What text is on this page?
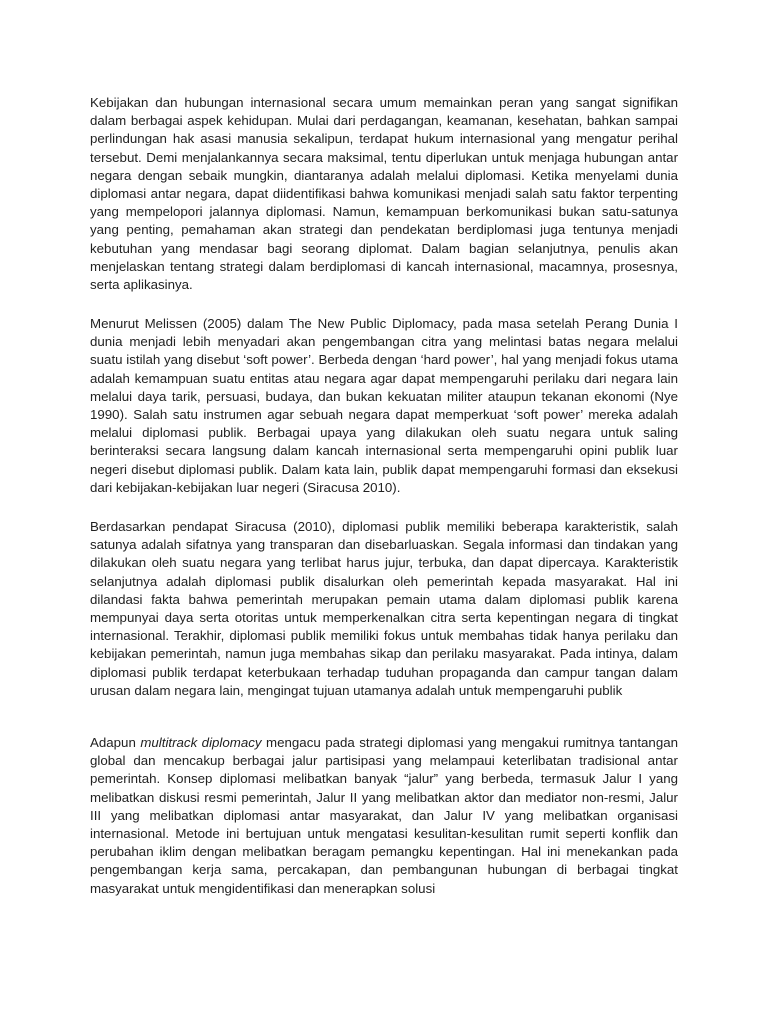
Kebijakan dan hubungan internasional secara umum memainkan peran yang sangat signifikan dalam berbagai aspek kehidupan. Mulai dari perdagangan, keamanan, kesehatan, bahkan sampai perlindungan hak asasi manusia sekalipun, terdapat hukum internasional yang mengatur perihal tersebut. Demi menjalankannya secara maksimal, tentu diperlukan untuk menjaga hubungan antar negara dengan sebaik mungkin, diantaranya adalah melalui diplomasi. Ketika menyelami dunia diplomasi antar negara, dapat diidentifikasi bahwa komunikasi menjadi salah satu faktor terpenting yang mempelopori jalannya diplomasi. Namun, kemampuan berkomunikasi bukan satu-satunya yang penting, pemahaman akan strategi dan pendekatan berdiplomasi juga tentunya menjadi kebutuhan yang mendasar bagi seorang diplomat. Dalam bagian selanjutnya, penulis akan menjelaskan tentang strategi dalam berdiplomasi di kancah internasional, macamnya, prosesnya, serta aplikasinya.

Menurut Melissen (2005) dalam The New Public Diplomacy, pada masa setelah Perang Dunia I dunia menjadi lebih menyadari akan pengembangan citra yang melintasi batas negara melalui suatu istilah yang disebut ‘soft power’. Berbeda dengan ‘hard power’, hal yang menjadi fokus utama adalah kemampuan suatu entitas atau negara agar dapat mempengaruhi perilaku dari negara lain melalui daya tarik, persuasi, budaya, dan bukan kekuatan militer ataupun tekanan ekonomi (Nye 1990). Salah satu instrumen agar sebuah negara dapat memperkuat ‘soft power’ mereka adalah melalui diplomasi publik. Berbagai upaya yang dilakukan oleh suatu negara untuk saling berinteraksi secara langsung dalam kancah internasional serta mempengaruhi opini publik luar negeri disebut diplomasi publik. Dalam kata lain, publik dapat mempengaruhi formasi dan eksekusi dari kebijakan-kebijakan luar negeri (Siracusa 2010).

Berdasarkan pendapat Siracusa (2010), diplomasi publik memiliki beberapa karakteristik, salah satunya adalah sifatnya yang transparan dan disebarluaskan. Segala informasi dan tindakan yang dilakukan oleh suatu negara yang terlibat harus jujur, terbuka, dan dapat dipercaya. Karakteristik selanjutnya adalah diplomasi publik disalurkan oleh pemerintah kepada masyarakat. Hal ini dilandasi fakta bahwa pemerintah merupakan pemain utama dalam diplomasi publik karena mempunyai daya serta otoritas untuk memperkenalkan citra serta kepentingan negara di tingkat internasional. Terakhir, diplomasi publik memiliki fokus untuk membahas tidak hanya perilaku dan kebijakan pemerintah, namun juga membahas sikap dan perilaku masyarakat. Pada intinya, dalam diplomasi publik terdapat keterbukaan terhadap tuduhan propaganda dan campur tangan dalam urusan dalam negara lain, mengingat tujuan utamanya adalah untuk mempengaruhi publik

Adapun multitrack diplomacy mengacu pada strategi diplomasi yang mengakui rumitnya tantangan global dan mencakup berbagai jalur partisipasi yang melampaui keterlibatan tradisional antar pemerintah. Konsep diplomasi melibatkan banyak “jalur” yang berbeda, termasuk Jalur I yang melibatkan diskusi resmi pemerintah, Jalur II yang melibatkan aktor dan mediator non-resmi, Jalur III yang melibatkan diplomasi antar masyarakat, dan Jalur IV yang melibatkan organisasi internasional. Metode ini bertujuan untuk mengatasi kesulitan-kesulitan rumit seperti konflik dan perubahan iklim dengan melibatkan beragam pemangku kepentingan. Hal ini menekankan pada pengembangan kerja sama, percakapan, dan pembangunan hubungan di berbagai tingkat masyarakat untuk mengidentifikasi dan menerapkan solusi
